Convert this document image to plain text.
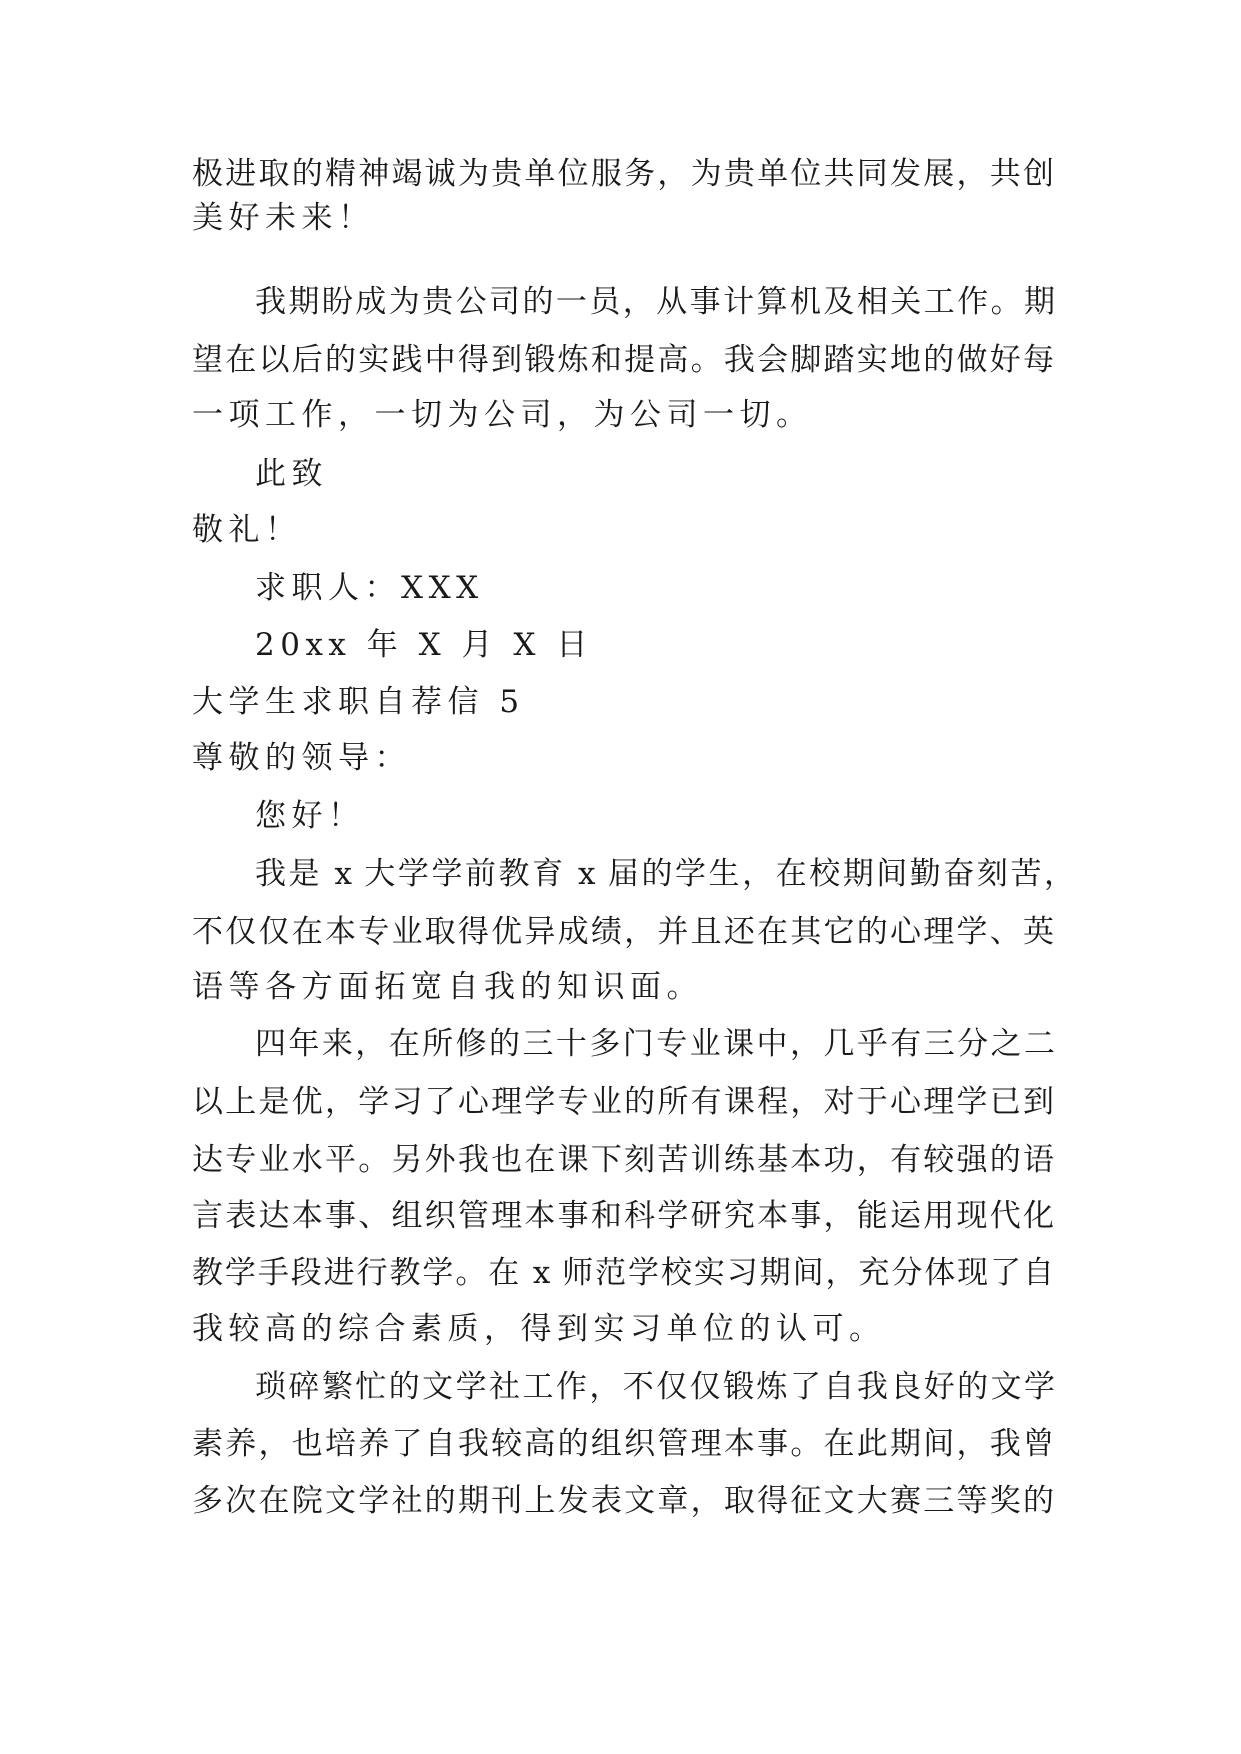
极进取的精神竭诚为贵单位服务，为贵单位共同发展，共创

美好未来！

我期盼成为贵公司的一员，从事计算机及相关工作。期

望在以后的实践中得到锻炼和提高。我会脚踏实地的做好每

一项工作，一切为公司，为公司一切。

此致

敬礼！

求职人：XXX

20xx 年 X 月 X 日

大学生求职自荐信 5

尊敬的领导：

您好！

我是 x 大学学前教育 x 届的学生，在校期间勤奋刻苦，

不仅仅在本专业取得优异成绩，并且还在其它的心理学、英

语等各方面拓宽自我的知识面。

四年来，在所修的三十多门专业课中，几乎有三分之二

以上是优，学习了心理学专业的所有课程，对于心理学已到

达专业水平。另外我也在课下刻苦训练基本功，有较强的语

言表达本事、组织管理本事和科学研究本事，能运用现代化

教学手段进行教学。在 x 师范学校实习期间，充分体现了自

我较高的综合素质，得到实习单位的认可。

琐碎繁忙的文学社工作，不仅仅锻炼了自我良好的文学

素养，也培养了自我较高的组织管理本事。在此期间，我曾

多次在院文学社的期刊上发表文章，取得征文大赛三等奖的
